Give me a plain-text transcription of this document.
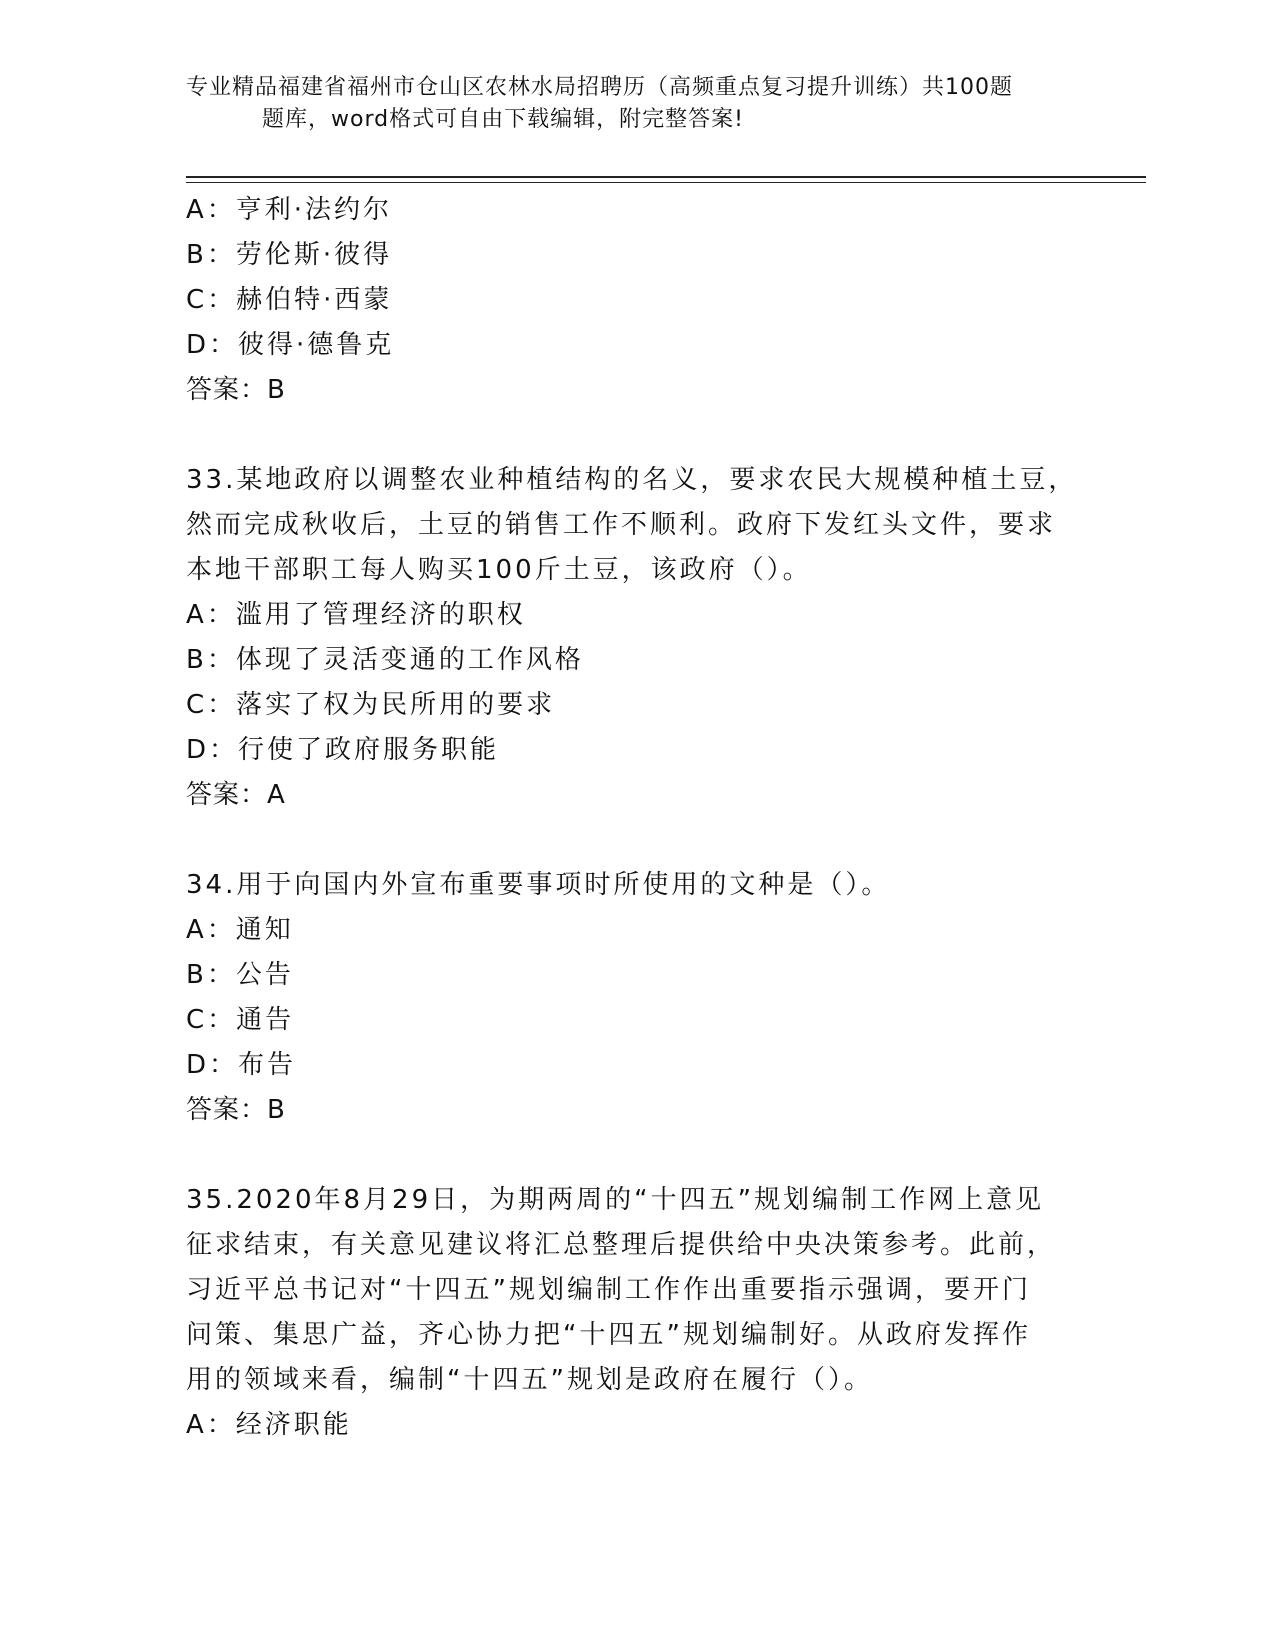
专业精品福建省福州市仓山区农林水局招聘历（高频重点复习提升训练）共100题
题库，word格式可自由下载编辑，附完整答案!
A：亨利·法约尔
B：劳伦斯·彼得
C：赫伯特·西蒙
D：彼得·德鲁克
答案：B
33.某地政府以调整农业种植结构的名义，要求农民大规模种植土豆，
然而完成秋收后，土豆的销售工作不顺利。政府下发红头文件，要求
本地干部职工每人购买100斤土豆，该政府（）。
A：滥用了管理经济的职权
B：体现了灵活变通的工作风格
C：落实了权为民所用的要求
D：行使了政府服务职能
答案：A
34.用于向国内外宣布重要事项时所使用的文种是（）。
A：通知
B：公告
C：通告
D：布告
答案：B
35.2020年8月29日，为期两周的“十四五”规划编制工作网上意见
征求结束，有关意见建议将汇总整理后提供给中央决策参考。此前，
习近平总书记对“十四五”规划编制工作作出重要指示强调，要开门
问策、集思广益，齐心协力把“十四五”规划编制好。从政府发挥作
用的领域来看，编制“十四五”规划是政府在履行（）。
A：经济职能
